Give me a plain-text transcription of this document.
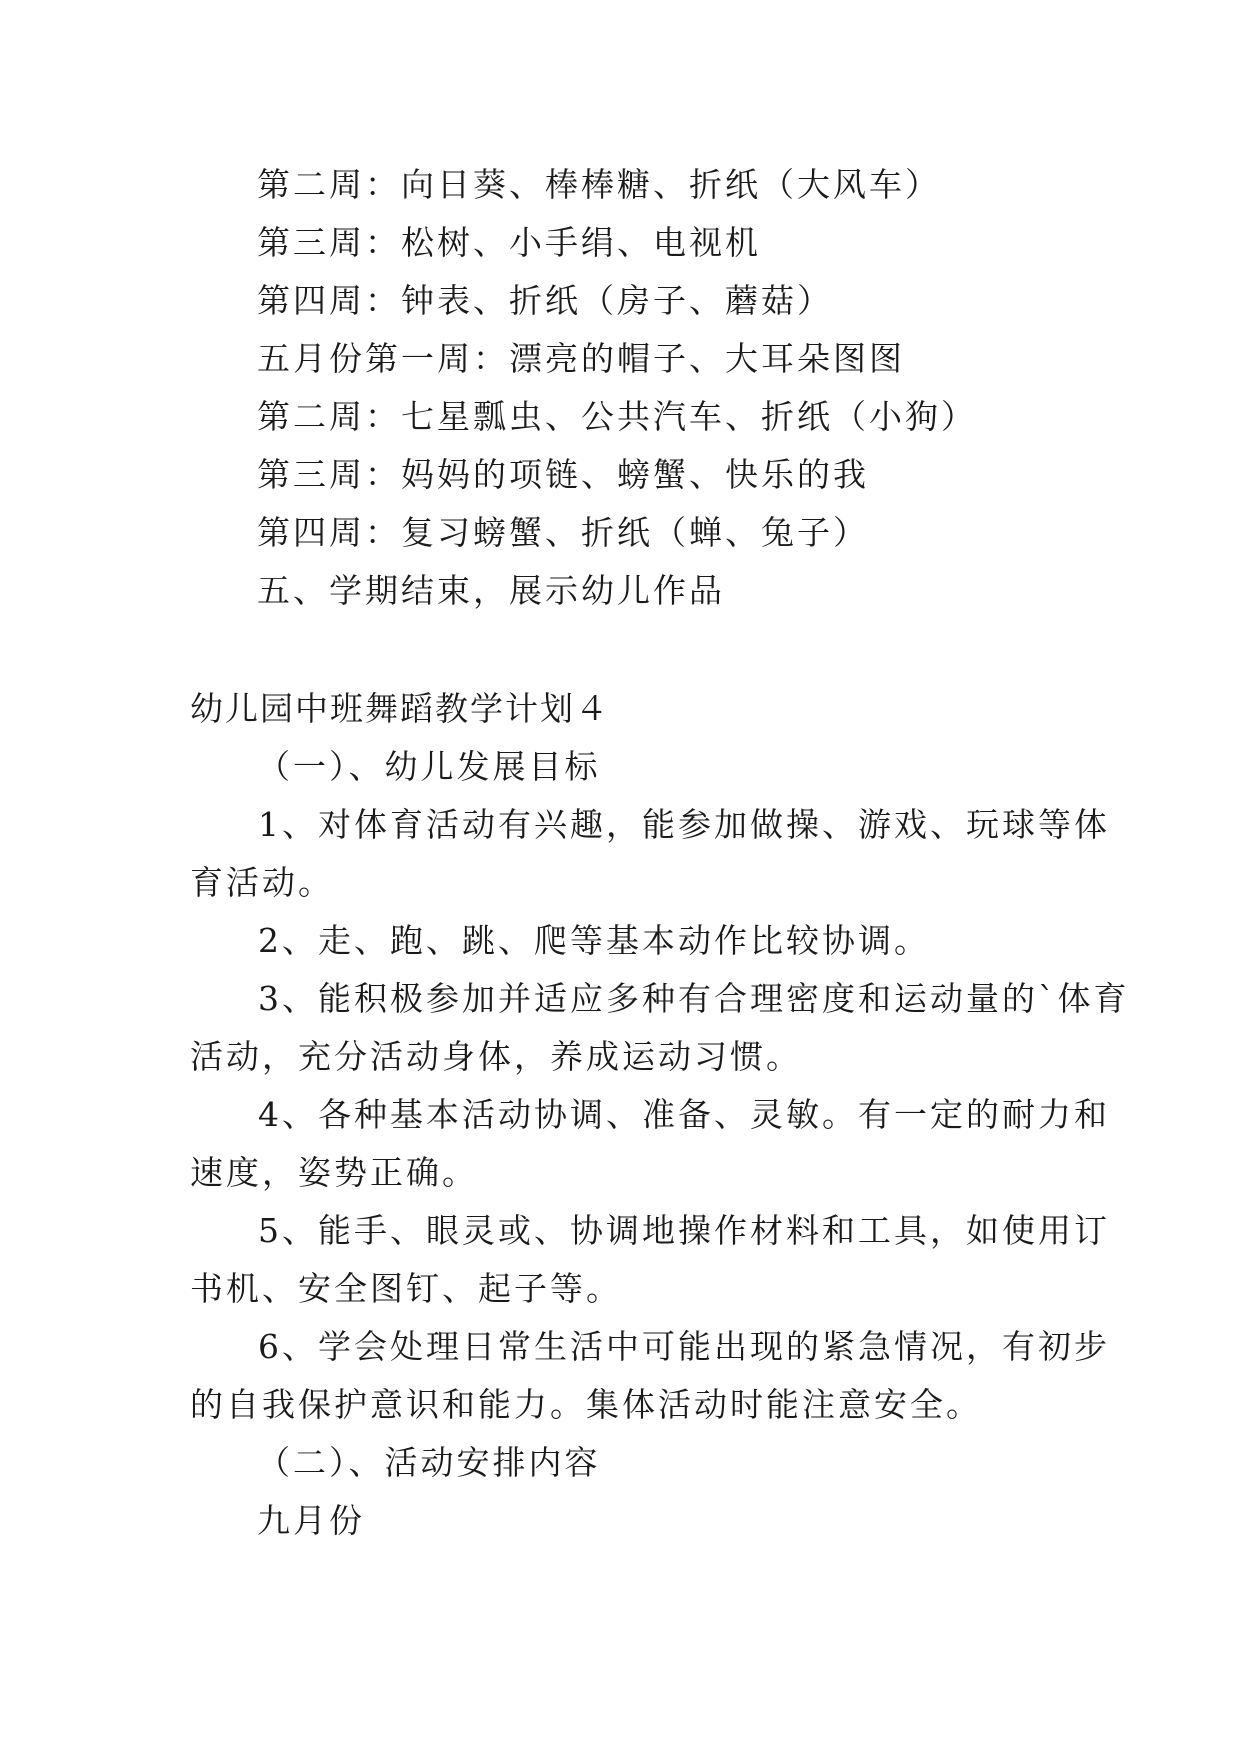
第二周：向日葵、棒棒糖、折纸（大风车）
第三周：松树、小手绢、电视机
第四周：钟表、折纸（房子、蘑菇）
五月份第一周：漂亮的帽子、大耳朵图图
第二周：七星瓢虫、公共汽车、折纸（小狗）
第三周：妈妈的项链、螃蟹、快乐的我
第四周：复习螃蟹、折纸（蝉、兔子）
五、学期结束，展示幼儿作品
幼儿园中班舞蹈教学计划４
（一）、幼儿发展目标
1、对体育活动有兴趣，能参加做操、游戏、玩球等体
育活动。
2、走、跑、跳、爬等基本动作比较协调。
3、能积极参加并适应多种有合理密度和运动量的`体育
活动，充分活动身体，养成运动习惯。
4、各种基本活动协调、准备、灵敏。有一定的耐力和
速度，姿势正确。
5、能手、眼灵或、协调地操作材料和工具，如使用订
书机、安全图钉、起子等。
6、学会处理日常生活中可能出现的紧急情况，有初步
的自我保护意识和能力。集体活动时能注意安全。
（二）、活动安排内容
九月份
